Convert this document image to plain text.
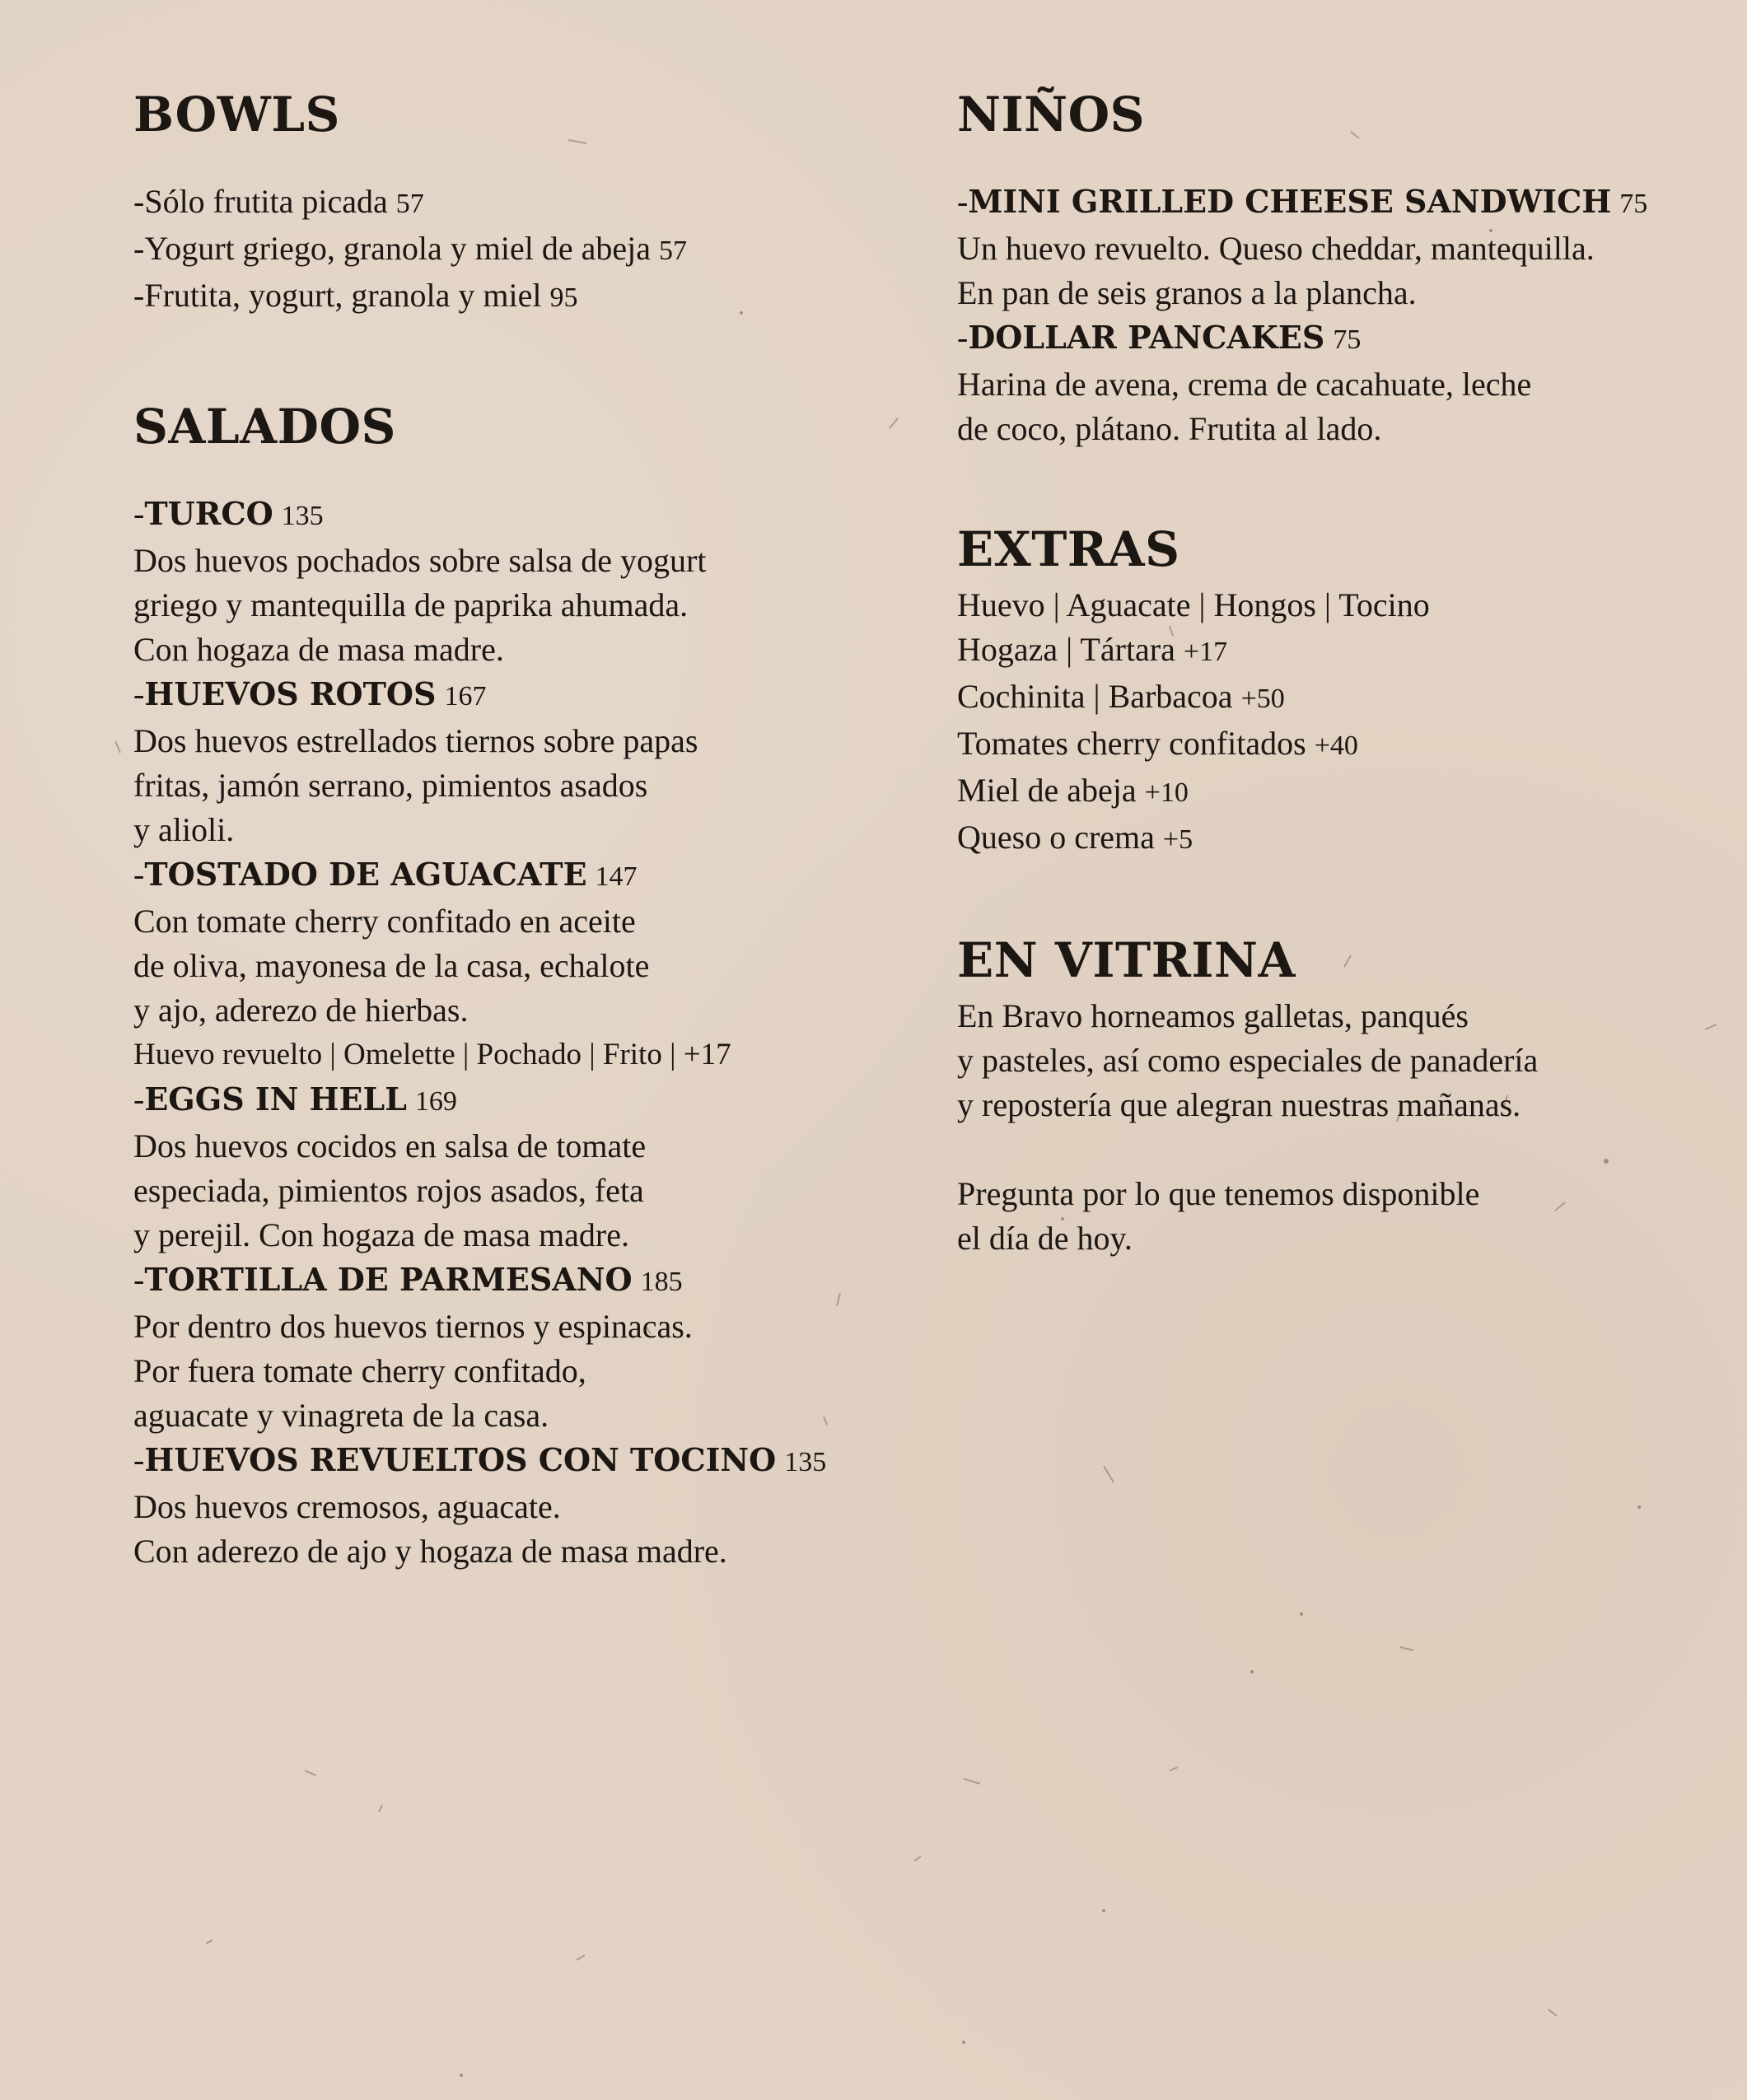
BOWLS
-Sólo frutita picada 57
-Yogurt griego, granola y miel de abeja 57
-Frutita, yogurt, granola y miel 95
SALADOS
-TURCO 135
Dos huevos pochados sobre salsa de yogurt
griego y mantequilla de paprika ahumada.
Con hogaza de masa madre.
-HUEVOS ROTOS 167
Dos huevos estrellados tiernos sobre papas
fritas, jamón serrano, pimientos asados
y alioli.
-TOSTADO DE AGUACATE 147
Con tomate cherry confitado en aceite
de oliva, mayonesa de la casa, echalote
y ajo, aderezo de hierbas.
Huevo revuelto | Omelette | Pochado | Frito | +17
-EGGS IN HELL 169
Dos huevos cocidos en salsa de tomate
especiada, pimientos rojos asados, feta
y perejil. Con hogaza de masa madre.
-TORTILLA DE PARMESANO 185
Por dentro dos huevos tiernos y espinacas.
Por fuera tomate cherry confitado,
aguacate y vinagreta de la casa.
-HUEVOS REVUELTOS CON TOCINO 135
Dos huevos cremosos, aguacate.
Con aderezo de ajo y hogaza de masa madre.
NIÑOS
-MINI GRILLED CHEESE SANDWICH 75
Un huevo revuelto. Queso cheddar, mantequilla.
En pan de seis granos a la plancha.
-DOLLAR PANCAKES 75
Harina de avena, crema de cacahuate, leche
de coco, plátano. Frutita al lado.
EXTRAS
Huevo | Aguacate | Hongos | Tocino
Hogaza | Tártara +17
Cochinita | Barbacoa +50
Tomates cherry confitados +40
Miel de abeja +10
Queso o crema +5
EN VITRINA
En Bravo horneamos galletas, panqués
y pasteles, así como especiales de panadería
y repostería que alegran nuestras mañanas.
Pregunta por lo que tenemos disponible
el día de hoy.
